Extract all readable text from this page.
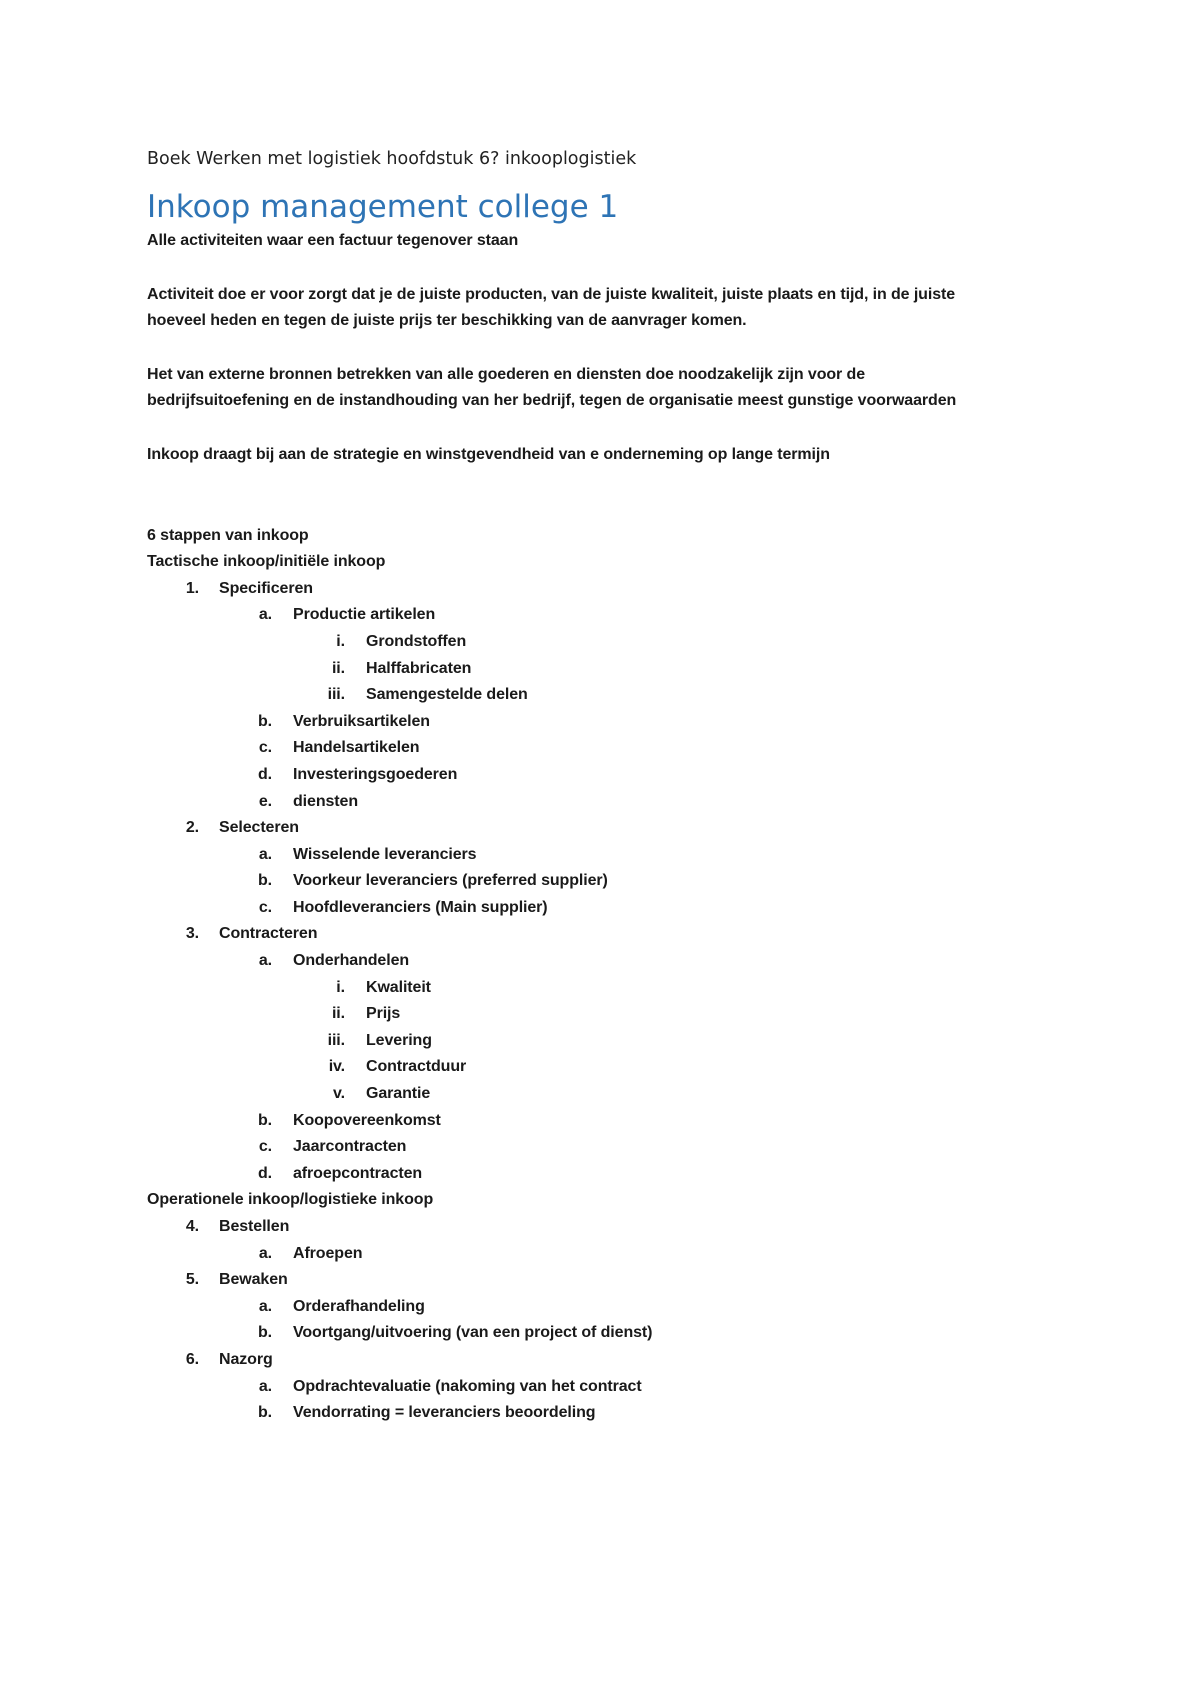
Boek Werken met logistiek hoofdstuk 6? inkooplogistiek

Inkoop management college 1

Alle activiteiten waar een factuur tegenover staan

Activiteit doe er voor zorgt dat je de juiste producten, van de juiste kwaliteit, juiste plaats en tijd, in de juiste

hoeveel heden en tegen de juiste prijs ter beschikking van de aanvrager komen.

Het van externe bronnen betrekken van alle goederen en diensten doe noodzakelijk zijn voor de

bedrijfsuitoefening en de instandhouding van her bedrijf, tegen de organisatie meest gunstige voorwaarden

Inkoop draagt bij aan de strategie en winstgevendheid van e onderneming op lange termijn

6 stappen van inkoop

Tactische inkoop/initiële inkoop

1. Specificeren
a. Productie artikelen
i. Grondstoffen
ii. Halffabricaten
iii. Samengestelde delen
b. Verbruiksartikelen
c. Handelsartikelen
d. Investeringsgoederen
e. diensten
2. Selecteren
a. Wisselende leveranciers
b. Voorkeur leveranciers (preferred supplier)
c. Hoofdleveranciers (Main supplier)
3. Contracteren
a. Onderhandelen
i. Kwaliteit
ii. Prijs
iii. Levering
iv. Contractduur
v. Garantie
b. Koopovereenkomst
c. Jaarcontracten
d. afroepcontracten

Operationele inkoop/logistieke inkoop

4. Bestellen
a. Afroepen
5. Bewaken
a. Orderafhandeling
b. Voortgang/uitvoering (van een project of dienst)
6. Nazorg
a. Opdrachtevaluatie (nakoming van het contract
b. Vendorrating = leveranciers beoordeling
